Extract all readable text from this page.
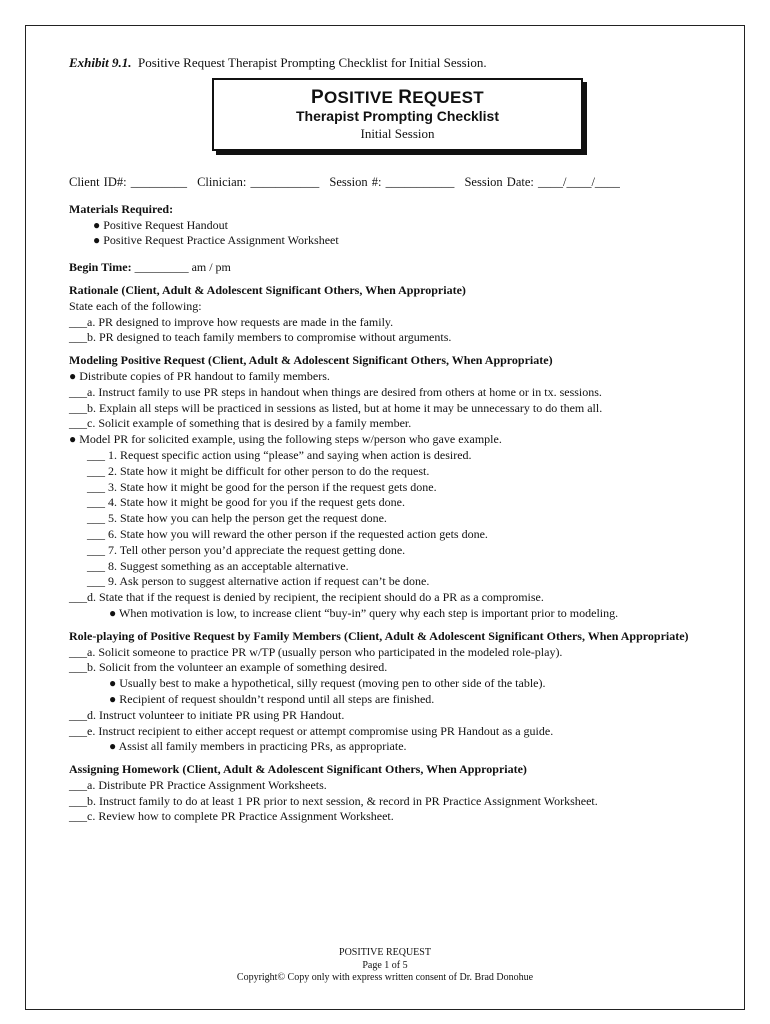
Exhibit 9.1. Positive Request Therapist Prompting Checklist for Initial Session.
POSITIVE REQUEST
Therapist Prompting Checklist
Initial Session
Client ID#: _________ Clinician: ___________ Session #: ___________ Session Date: ____/____/____
Materials Required:
● Positive Request Handout
● Positive Request Practice Assignment Worksheet
Begin Time: _________ am / pm
Rationale (Client, Adult & Adolescent Significant Others, When Appropriate)
State each of the following:
___a. PR designed to improve how requests are made in the family.
___b. PR designed to teach family members to compromise without arguments.
Modeling Positive Request (Client, Adult & Adolescent Significant Others, When Appropriate)
● Distribute copies of PR handout to family members.
___a. Instruct family to use PR steps in handout when things are desired from others at home or in tx. sessions.
___b. Explain all steps will be practiced in sessions as listed, but at home it may be unnecessary to do them all.
___c. Solicit example of something that is desired by a family member.
● Model PR for solicited example, using the following steps w/person who gave example.
___ 1. Request specific action using “please” and saying when action is desired.
___ 2. State how it might be difficult for other person to do the request.
___ 3. State how it might be good for the person if the request gets done.
___ 4. State how it might be good for you if the request gets done.
___ 5. State how you can help the person get the request done.
___ 6. State how you will reward the other person if the requested action gets done.
___ 7. Tell other person you’d appreciate the request getting done.
___ 8. Suggest something as an acceptable alternative.
___ 9. Ask person to suggest alternative action if request can’t be done.
___d. State that if the request is denied by recipient, the recipient should do a PR as a compromise.
● When motivation is low, to increase client “buy-in” query why each step is important prior to modeling.
Role-playing of Positive Request by Family Members (Client, Adult & Adolescent Significant Others, When Appropriate)
___a. Solicit someone to practice PR w/TP (usually person who participated in the modeled role-play).
___b. Solicit from the volunteer an example of something desired.
● Usually best to make a hypothetical, silly request (moving pen to other side of the table).
● Recipient of request shouldn’t respond until all steps are finished.
___d. Instruct volunteer to initiate PR using PR Handout.
___e. Instruct recipient to either accept request or attempt compromise using PR Handout as a guide.
● Assist all family members in practicing PRs, as appropriate.
Assigning Homework (Client, Adult & Adolescent Significant Others, When Appropriate)
___a. Distribute PR Practice Assignment Worksheets.
___b. Instruct family to do at least 1 PR prior to next session, & record in PR Practice Assignment Worksheet.
___c. Review how to complete PR Practice Assignment Worksheet.
POSITIVE REQUEST
Page 1 of 5
Copyright© Copy only with express written consent of Dr. Brad Donohue
